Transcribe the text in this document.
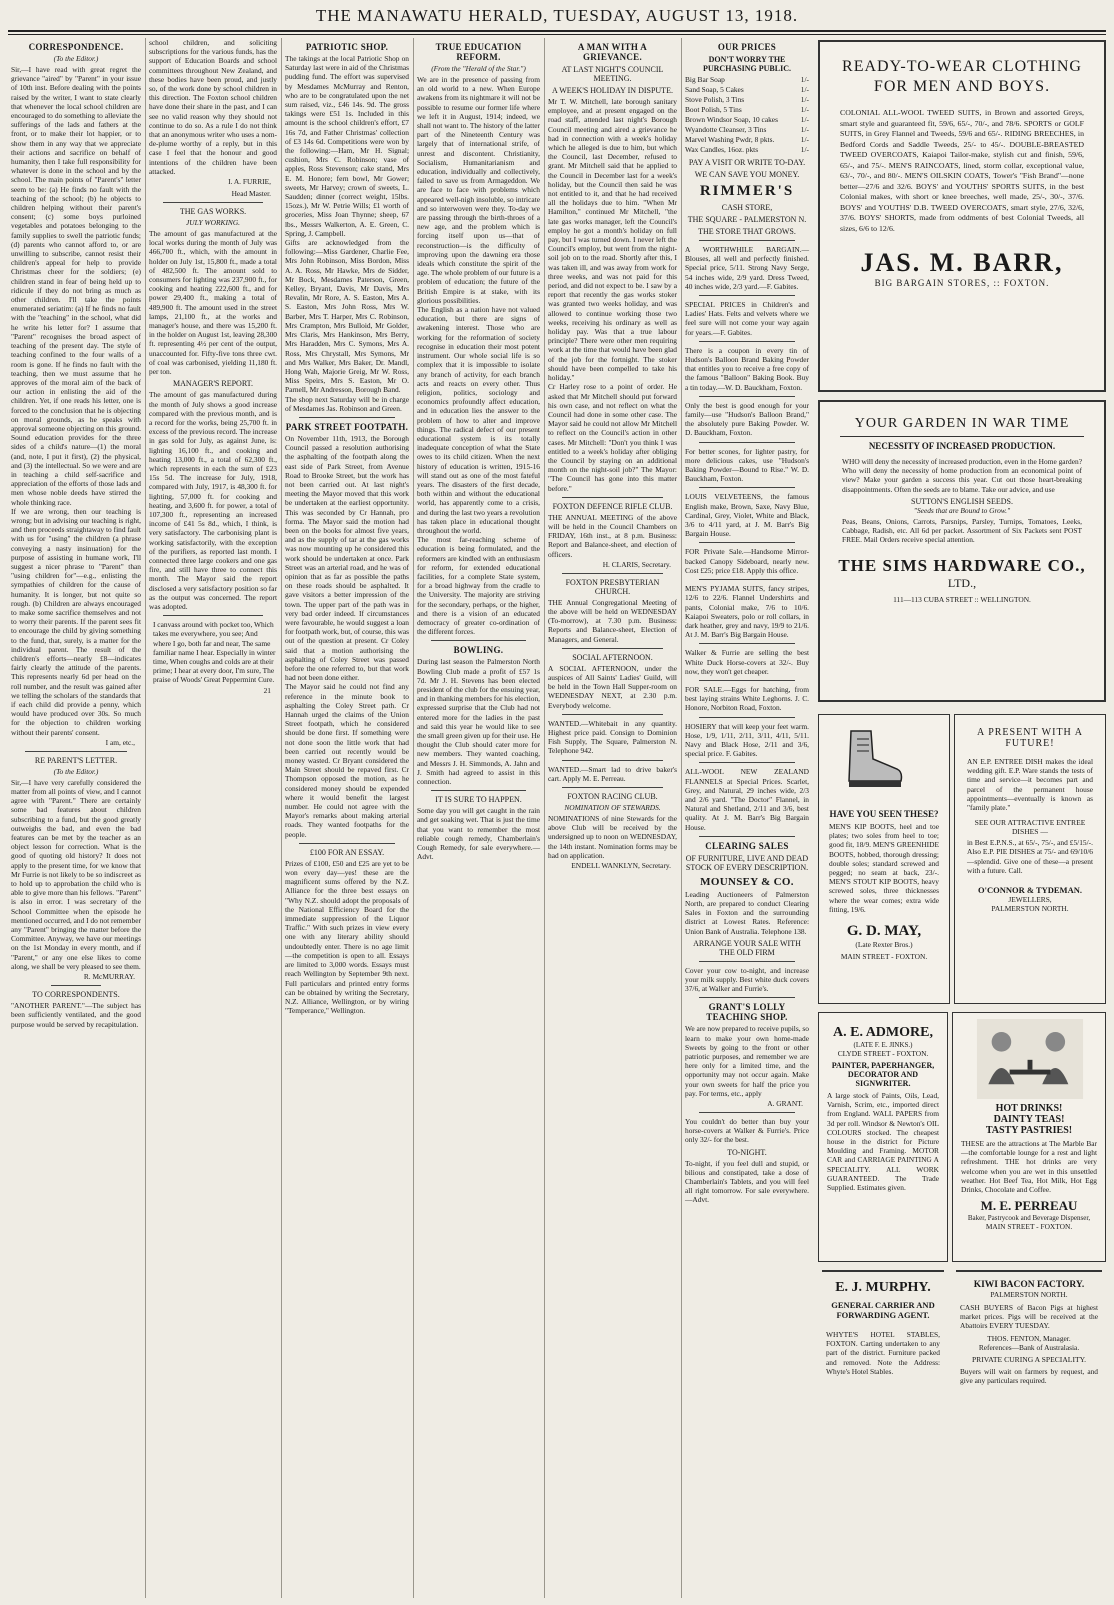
THE MANAWATU HERALD, TUESDAY, AUGUST 13, 1918.
CORRESPONDENCE.
(To the Editor.)

Sir,—I have read with great regret the grievance "aired" by "Parent" in your issue of 10th inst. Before dealing with the points raised by the writer, I want to state clearly that whenever the local school children are encouraged to do something to alleviate the sufferings of the lads and fathers at the front, or to make their lot happier, or to show them in any way that we appreciate their actions and sacrifice on behalf of humanity, then I take full responsibility for whatever is done in the school and by the school. The main points of "Parent's" letter seem to be: (a) He finds no fault with the teaching of the school; (b) he objects to children helping without their parent's consent; (c) some boys purloined vegetables and potatoes belonging to the family supplies to swell the patriotic funds; (d) parents who cannot afford to, or are unwilling to subscribe, cannot resist their children's appeal for help to provide Christmas cheer for the soldiers; (e) children stand in fear of being held up to ridicule if they do not bring as much as other children. I'll take the points enumerated seriatim: (a) If he finds no fault with the "teaching" in the school, what did he write his letter for? I assume that "Parent" recognises the broad aspect of teaching of the present day. The style of teaching confined to the four walls of a room is gone. If he finds no fault with the teaching, then we must assume that he approves of the moral aim of the back of our action in enlisting the aid of the children. Yet, if one reads his letter, one is forced to the conclusion that he is objecting on moral grounds, as he speaks with approval someone objecting on this ground. Sound education provides for the three sides of a child's nature—(1) the moral (and, note, I put it first), (2) the physical, and (3) the intellectual. So we were and are in teaching a child self-sacrifice and appreciation of the efforts of those lads and men whose noble deeds have stirred the whole thinking race.

If we are wrong, then our teaching is wrong; but in advising our teaching is right, and then proceeds straightaway to find fault with us for "using" the children (a phrase conveying a nasty insinuation) for the purpose of assisting in humane work, I'll suggest a nicer phrase to "Parent" than "using children for"—e.g., enlisting the sympathies of children for the cause of humanity. It is longer, but not quite so rough. (b) Children are always encouraged to make some sacrifice themselves and not to worry their parents. If the parent sees fit to encourage the child by giving something to the fund, that, surely, is a matter for the individual parent. The result of the children's efforts—nearly £8—indicates fairly clearly the attitude of the parents. This represents nearly 6d per head on the roll number, and the result was gained after we telling the scholars of the standards that if each child did provide a penny, which would have produced over 30s. So much for the objection to children working without their parents' consent.

I am, etc.,
RE PARENT'S LETTER.
(To the Editor.)

Sir,—I have very carefully considered the matter from all points of view, and I cannot agree with "Parent." There are certainly some bad features about children subscribing to a fund, but the good greatly outweighs the bad, and even the bad features can be met by the teacher as an object lesson for correction. What is the good of quoting old history? It does not apply to the present time, for we know that Mr Furrie is not likely to be so indiscreet as to hold up to approbation the child who is able to give more than his fellows. "Parent" is also in error. I was secretary of the School Committee when the episode he mentioned occurred, and I do not remember any "Parent" bringing the matter before the Committee. Anyway, we have our meetings on the 1st Monday in every month, and if "Parent," or any one else likes to come along, we shall be very pleased to see them.

R. McMURRAY.
TO CORRESPONDENTS.

"ANOTHER PARENT."—The subject has been sufficiently ventilated, and the good purpose would be served by recapitulation.

school children, and soliciting subscriptions for the various funds, has the support of Education Boards and school committees throughout New Zealand, and these bodies have been proud, and justly so, of the work done by school children in this direction. The Foxton school children have done their share in the past, and I can see no valid reason why they should not continue to do so. As a rule I do not think that an anonymous writer who uses a nom-de-plume worthy of a reply, but in this case I feel that the honour and good intentions of the children have been attacked.

I. A. FURRIE,
Head Master.
THE GAS WORKS.
JULY WORKING.

The amount of gas manufactured at the local works during the month of July was 466,700 ft., which, with the amount in holder on July 1st, 15,800 ft., made a total of 482,500 ft. The amount sold to consumers for lighting was 237,900 ft., for cooking and heating 222,600 ft., and for power 29,400 ft., making a total of 489,900 ft. The amount used in the street lamps, 21,100 ft., at the works and manager's house, and there was 15,200 ft. in the holder on August 1st, leaving 28,300 ft. representing 4½ per cent of the output, unaccounted for. Fifty-five tons three cwt. of coal was carbonised, yielding 11,180 ft. per ton.

MANAGER'S REPORT.

The amount of gas manufactured during the month of July shows a good increase compared with the previous month, and is a record for the works, being 25,700 ft. in excess of the previous record. The increase in gas sold for July, as against June, is: lighting 16,100 ft., and cooking and heating 13,000 ft., a total of 62,300 ft., which represents in each the sum of £23 15s 5d. The increase for July, 1918, compared with July, 1917, is 48,300 ft. for lighting, 57,000 ft. for cooking and heating, and 3,600 ft. for power, a total of 107,300 ft., representing an increased income of £41 5s 8d., which, I think, is very satisfactory. The carbonising plant is working satisfactorily, with the exception of the purifiers, as reported last month. I connected three large cookers and one gas fire, and still have three to connect this month. The Mayor said the report disclosed a very satisfactory position so far as the output was concerned. The report was adopted.

I canvass around with pocket too, Which takes me everywhere, you see; And where I go, both far and near, The same familiar name I hear. Especially in winter time, When coughs and colds are at their prime; I hear at every door, I'm sure, The praise of Woods' Great Peppermint Cure.

21
PATRIOTIC SHOP.

The takings at the local Patriotic Shop on Saturday last were in aid of the Christmas pudding fund. The effort was supervised by Mesdames McMurray and Renton, who are to be congratulated upon the net sum raised, viz., £46 14s. 9d. The gross takings were £51 1s. Included in this amount is the school children's effort, £7 16s 7d, and Father Christmas' collection of £3 14s 6d. Competitions were won by the following:—Ham, Mr H. Signal; cushion, Mrs C. Robinson; vase of apples, Ross Stevenson; cake stand, Mrs E. M. Honore; fern bowl, Mr Gower; sweets, Mr Harvey; crown of sweets, L. Saudden; dinner (correct weight, 15lbs. 15ozs.), Mr W. Petrie Wills; £1 worth of groceries, Miss Joan Thynne; sheep, 67 lbs., Messrs Walkerton, A. E. Green, C. Spring, J. Campbell.

Gifts are acknowledged from the following:—Miss Gardener, Charlie Fee, Mrs John Robinson, Miss Bordon, Miss A. A. Ross, Mr Hawke, Mrs de Sidder, Mr Bock, Mesdames Paterson, Green, Kelley, Bryant, Davis, Mr Davis, Mrs Revalin, Mr Rore, A. S. Easton, Mrs A. S. Easton, Mrs John Ross, Mrs W. Barber, Mrs T. Harper, Mrs C. Robinson, Mrs Crampton, Mrs Bulloid, Mr Golder, Mrs Claris, Mrs Hankinson, Mrs Berry, Mrs Haradden, Mrs C. Symons, Mrs A. Ross, Mrs Chrystall, Mrs Symons, Mr and Mrs Walker, Mrs Baker, Dr. Mandl, Hong Wah, Majorie Greig, Mr W. Ross, Miss Speirs, Mrs S. Easton, Mr O. Parnell, Mr Andresson, Borough Band.

The shop next Saturday will be in charge of Mesdames Jas. Robinson and Green.

PARK STREET FOOTPATH.

On November 11th, 1913, the Borough Council passed a resolution authorising the asphalting of the footpath along the east side of Park Street, from Avenue Road to Brooke Street, but the work has not been carried out. At last night's meeting the Mayor moved that this work be undertaken at the earliest opportunity. This was seconded by Cr Hannah, pro forma. The Mayor said the motion had been on the books for almost five years, and as the supply of tar at the gas works was now mounting up he considered this work should be undertaken at once. Park Street was an arterial road, and he was of opinion that as far as possible the paths on these roads should be asphalted. It gave visitors a better impression of the town. The upper part of the path was in very bad order indeed. If circumstances were favourable, he would suggest a loan for footpath work, but, of course, this was out of the question at present. Cr Coley said that a motion authorising the asphalting of Coley Street was passed before the one referred to, but that work had not been done either.

The Mayor said he could not find any reference in the minute book to asphalting the Coley Street path. Cr Hannah urged the claims of the Union Street footpath, which he considered should be done first. If something were not done soon the little work that had been carried out recently would be money wasted. Cr Bryant considered the Main Street should be repaved first. Cr Thompson opposed the motion, as he considered money should be expended where it would benefit the largest number. He could not agree with the Mayor's remarks about making arterial roads. They wanted footpaths for the people.

£100 FOR AN ESSAY.

Prizes of £100, £50 and £25 are yet to be won every day—yes! these are the magnificent sums offered by the N.Z. Alliance for the three best essays on "Why N.Z. should adopt the proposals of the National Efficiency Board for the immediate suppression of the Liquor Traffic." With such prizes in view every one with any literary ability should undoubtedly enter. There is no age limit—the competition is open to all. Essays are limited to 3,000 words. Essays must reach Wellington by September 9th next. Full particulars and printed entry forms can be obtained by writing the Secretary, N.Z. Alliance, Wellington, or by wiring "Temperance," Wellington.

TRUE EDUCATION REFORM.
(From the "Herald of the Star.")

We are in the presence of passing from an old world to a new. When Europe awakens from its nightmare it will not be possible to resume our former life where we left it in August, 1914; indeed, we shall not want to. The history of the latter part of the Nineteenth Century was largely that of international strife, of unrest and discontent. Christianity, Socialism, Humanitarianism and education, individually and collectively, failed to save us from Armageddon. We are face to face with problems which appeared well-nigh insoluble, so intricate and so interwoven were they. To-day we are passing through the birth-throes of a new age, and the problem which is forcing itself upon us—that of reconstruction—is the difficulty of improving upon the dawning era those ideals which constitute the spirit of the age. The whole problem of our future is a problem of education; the future of the British Empire is at stake, with its glorious possibilities.

The English as a nation have not valued education, but there are signs of awakening interest. Those who are working for the reformation of society recognise in education their most potent instrument. Our whole social life is so complex that it is impossible to isolate any branch of activity, for each branch acts and reacts on every other. Thus religion, politics, sociology and economics profoundly affect education, and in education lies the answer to the problem of how to alter and improve things. The radical defect of our present educational system is its totally inadequate conception of what the State owes to its child citizen. When the next history of education is written, 1915-16 will stand out as one of the most fateful years. The disasters of the first decade, both within and without the educational world, has apparently come to a crisis, and during the last two years a revolution has taken place in educational thought throughout the world.

The most far-reaching scheme of education is being formulated, and the reformers are kindled with an enthusiasm for reform, for extended educational facilities, for a complete State system, for a broad highway from the cradle to the University. The majority are striving for the secondary, perhaps, or the higher, and there is a vision of an educated democracy of greater co-ordination of the different forces.

BOWLING.

During last season the Palmerston North Bowling Club made a profit of £57 1s 7d. Mr J. H. Stevens has been elected president of the club for the ensuing year, and in thanking members for his election, expressed surprise that the Club had not entered more for the ladies in the past and said this year he would like to see the small green given up for their use. He thought the Club should cater more for new members. They wanted coaching, and Messrs J. H. Simmonds, A. Jahn and J. Smith had agreed to assist in this connection.

IT IS SURE TO HAPPEN.

Some day you will get caught in the rain and get soaking wet. That is just the time that you want to remember the most reliable cough remedy, Chamberlain's Cough Remedy, for sale everywhere.—Advt.

A MAN WITH A GRIEVANCE.
AT LAST NIGHT'S COUNCIL MEETING.
A WEEK'S HOLIDAY IN DISPUTE.

Mr T. W. Mitchell, late borough sanitary employee, and at present engaged on the road staff, attended last night's Borough Council meeting and aired a grievance he had in connection with a week's holiday which he alleged is due to him, but which the Council, last December, refused to grant. Mr Mitchell said that he applied to the Council in December last for a week's holiday, but the Council then said he was not entitled to it, and that he had received all the holidays due to him. "When Mr Hamilton," continued Mr Mitchell, "the late gas works manager, left the Council's employ he got a month's holiday on full pay, but I was turned down. I never left the Council's employ, but went from the night-soil job on to the road. Shortly after this, I was taken ill, and was away from work for three weeks, and was not paid for this period, and did not expect to be. I saw by a report that recently the gas works stoker was granted two weeks holiday, and was allowed to continue working those two weeks, receiving his ordinary as well as holiday pay. Was that a true labour principle? There were other men requiring work at the time that would have been glad of the job for the fortnight. The stoker should have been compelled to take his holiday."

Cr Harley rose to a point of order. He asked that Mr Mitchell should put forward his own case, and not reflect on what the Council had done in some other case. The Mayor said he could not allow Mr Mitchell to reflect on the Council's action in other cases. Mr Mitchell: "Don't you think I was entitled to a week's holiday after obliging the Council by staying on an additional month on the night-soil job?" The Mayor: "The Council has gone into this matter before."

FOXTON DEFENCE RIFLE CLUB.

THE ANNUAL MEETING of the above will be held in the Council Chambers on FRIDAY, 16th inst., at 8 p.m. Business: Report and Balance-sheet, and election of officers.

H. CLARIS, Secretary.
FOXTON PRESBYTERIAN CHURCH.

THE Annual Congregational Meeting of the above will be held on WEDNESDAY (To-morrow), at 7.30 p.m. Business: Reports and Balance-sheet, Election of Managers, and General.

SOCIAL AFTERNOON.

A SOCIAL AFTERNOON, under the auspices of All Saints' Ladies' Guild, will be held in the Town Hall Supper-room on WEDNESDAY NEXT, at 2.30 p.m. Everybody welcome.

WANTED.—Whitebait in any quantity. Highest price paid. Consign to Dominion Fish Supply, The Square, Palmerston N. Telephone 942.

WANTED.—Smart lad to drive baker's cart. Apply M. E. Perreau.

FOXTON RACING CLUB.
NOMINATION OF STEWARDS.

NOMINATIONS of nine Stewards for the above Club will be received by the undersigned up to noon on WEDNESDAY, the 14th instant. Nomination forms may be had on application.

ENDELL WANKLYN, Secretary.
OUR PRICES
DON'T WORRY THE PURCHASING PUBLIC.
Big Bar Soap	1/-
Sand Soap, 5 Cakes	1/-
Stove Polish, 3 Tins	1/-
Boot Polish, 5 Tins	1/-
Brown Windsor Soap, 10 cakes	1/-
Wyandotte Cleanser, 3 Tins	1/-
Marvel Washing Pwdr, 8 pkts.	1/-
Wax Candles, 16oz. pkts	1/-
PAY A VISIT OR WRITE TO-DAY.
WE CAN SAVE YOU MONEY.
RIMMER'S
CASH STORE,
THE SQUARE - PALMERSTON N.
THE STORE THAT GROWS.

A WORTHWHILE BARGAIN.—Blouses, all well and perfectly finished. Special price, 5/11. Strong Navy Serge, 54 inches wide, 2/9 yard. Dress Tweed, 40 inches wide, 2/3 yard.—F. Gabites.

SPECIAL PRICES in Children's and Ladies' Hats. Felts and velvets where we feel sure will not come your way again for years.—F. Gabites.

There is a coupon in every tin of Hudson's Balloon Brand Baking Powder that entitles you to receive a free copy of the famous "Balloon" Baking Book. Buy a tin today.—W. D. Bauckham, Foxton.

Only the best is good enough for your family—use "Hudson's Balloon Brand," the absolutely pure Baking Powder. W. D. Bauckham, Foxton.

For better scones, for lighter pastry, for more delicious cakes, use "Hudson's Baking Powder—Bound to Rise." W. D. Bauckham, Foxton.

LOUIS VELVETEENS, the famous English make, Brown, Saxe, Navy Blue, Cardinal, Grey, Violet, White and Black, 3/6 to 4/11 yard, at J. M. Barr's Big Bargain House.

FOR Private Sale.—Handsome Mirror-backed Canopy Sideboard, nearly new. Cost £25; price £18. Apply this office.

MEN'S PYJAMA SUITS, fancy stripes, 12/6 to 22/6. Flannel Undershirts and pants, Colonial make, 7/6 to 10/6. Kaiapoi Sweaters, polo or roll collars, in dark heather, grey and navy, 19/9 to 21/6. At J. M. Barr's Big Bargain House.

Walker & Furrie are selling the best White Duck Horse-covers at 32/-. Buy now, they won't get cheaper.

FOR SALE.—Eggs for hatching, from best laying strains White Leghorns. J. C. Honore, Norbiton Road, Foxton.

HOSIERY that will keep your feet warm. Hose, 1/9, 1/11, 2/11, 3/11, 4/11, 5/11. Navy and Black Hose, 2/11 and 3/6, special price. F. Gabites.

ALL-WOOL NEW ZEALAND FLANNELS at Special Prices. Scarlet, Grey, and Natural, 29 inches wide, 2/3 and 2/6 yard. "The Doctor" Flannel, in Natural and Shetland, 2/11 and 3/6, best quality. At J. M. Barr's Big Bargain House.

CLEARING SALES
OF FURNITURE, LIVE AND DEAD STOCK OF EVERY DESCRIPTION.
MOUNSEY & CO.

Leading Auctioneers of Palmerston North, are prepared to conduct Clearing Sales in Foxton and the surrounding district at Lowest Rates. Reference: Union Bank of Australia. Telephone 138.

ARRANGE YOUR SALE WITH THE OLD FIRM

Cover your cow to-night, and increase your milk supply. Best white duck covers 37/6, at Walker and Furrie's.

GRANT'S LOLLY TEACHING SHOP.

We are now prepared to receive pupils, so learn to make your own home-made Sweets by going to the front or other patriotic purposes, and remember we are here only for a limited time, and the opportunity may not occur again. Make your own sweets for half the price you pay. For terms, etc., apply

A. GRANT.

You couldn't do better than buy your horse-covers at Walker & Furrie's. Price only 32/- for the best.

TO-NIGHT.

To-night, if you feel dull and stupid, or bilious and constipated, take a dose of Chamberlain's Tablets, and you will feel all right tomorrow. For sale everywhere.—Advt.

READY-TO-WEAR CLOTHING
FOR MEN AND BOYS.

COLONIAL ALL-WOOL TWEED SUITS, in Brown and assorted Greys, smart style and guaranteed fit, 59/6, 65/-, 70/-, and 78/6. SPORTS or GOLF SUITS, in Grey Flannel and Tweeds, 59/6 and 65/-. RIDING BREECHES, in Bedford Cords and Saddle Tweeds, 25/- to 45/-. DOUBLE-BREASTED TWEED OVERCOATS, Kaiapoi Tailor-make, stylish cut and finish, 59/6, 65/-, and 75/-. MEN'S RAINCOATS, lined, storm collar, exceptional value, 63/-, 70/-, and 80/-. MEN'S OILSKIN COATS, Tower's "Fish Brand"—none better—27/6 and 32/6. BOYS' and YOUTHS' SPORTS SUITS, in the best Colonial makes, with short or knee breeches, well made, 25/-, 30/-, 37/6. BOYS' and YOUTHS' D.B. TWEED OVERCOATS, smart style, 27/6, 32/6, 37/6. BOYS' SHORTS, made from oddments of best Colonial Tweeds, all sizes, 6/6 to 12/6.

JAS. M. BARR,
BIG BARGAIN STORES, :: FOXTON.
YOUR GARDEN IN WAR TIME
NECESSITY OF INCREASED PRODUCTION.

WHO will deny the necessity of increased production, even in the Home garden? Who will deny the necessity of home production from an economical point of view? Make your garden a success this year. Cut out those heart-breaking disappointments. Often the seeds are to blame. Take our advice, and use

SUTTON'S ENGLISH SEEDS.
"Seeds that are Bound to Grow."

Peas, Beans, Onions, Carrots, Parsnips, Parsley, Turnips, Tomatoes, Leeks, Cabbage, Radish, etc. All 6d per packet. Assortment of Six Packets sent POST FREE. Mail Orders receive special attention.

THE SIMS HARDWARE CO.,
LTD.,
111—113 CUBA STREET :: WELLINGTON.
HAVE YOU SEEN THESE?

MEN'S KIP BOOTS, heel and toe plates; two soles from heel to toe; good fit, 18/9. MEN'S GREENHIDE BOOTS, hobbed, thorough dressing; double soles; standard screwed and pegged; no seam at back, 23/-. MEN'S STOUT KIP BOOTS, heavy screwed soles, three thicknesses where the wear comes; extra wide fitting, 19/6.

G. D. MAY,
(Late Rexter Bros.)
MAIN STREET - FOXTON.
A PRESENT WITH A FUTURE!

AN E.P. ENTREE DISH makes the ideal wedding gift. E.P. Ware stands the tests of time and service—it becomes part and parcel of the permanent house appointments—eventually is known as "family plate."

SEE OUR ATTRACTIVE ENTREE DISHES —

in Best E.P.N.S., at 65/-, 75/-, and £5/15/-. Also E.P. PIE DISHES at 75/- and 69/10/6—splendid. Give one of these—a present with a future. Call.

O'CONNOR & TYDEMAN.
JEWELLERS,
PALMERSTON NORTH.
A. E. ADMORE,
(LATE F. E. JINKS.)
CLYDE STREET - FOXTON.
PAINTER, PAPERHANGER, DECORATOR AND SIGNWRITER.

A large stock of Paints, Oils, Lead, Varnish, Scrim, etc., imported direct from England. WALL PAPERS from 3d per roll. Windsor & Newton's OIL COLOURS stocked. The cheapest house in the district for Picture Moulding and Framing. MOTOR CAR and CARRIAGE PAINTING A SPECIALITY. ALL WORK GUARANTEED. The Trade Supplied. Estimates given.

HOT DRINKS!
DAINTY TEAS!
TASTY PASTRIES!

THESE are the attractions at The Marble Bar—the comfortable lounge for a rest and light refreshment. THE hot drinks are very welcome when you are wet in this unsettled weather. Hot Beef Tea, Hot Milk, Hot Egg Drinks, Chocolate and Coffee.

M. E. PERREAU
Baker, Pastrycook and Beverage Dispenser,
MAIN STREET - FOXTON.
E. J. MURPHY.
GENERAL CARRIER AND FORWARDING AGENT.

WHYTE'S HOTEL STABLES, FOXTON. Carting undertaken to any part of the district. Furniture packed and removed. Note the Address: Whyte's Hotel Stables.

KIWI BACON FACTORY.
PALMERSTON NORTH.

CASH BUYERS of Bacon Pigs at highest market prices. Pigs will be received at the Abattoirs EVERY TUESDAY.

THOS. FENTON, Manager.
References—Bank of Australasia.
PRIVATE CURING A SPECIALITY.

Buyers will wait on farmers by request, and give any particulars required.
